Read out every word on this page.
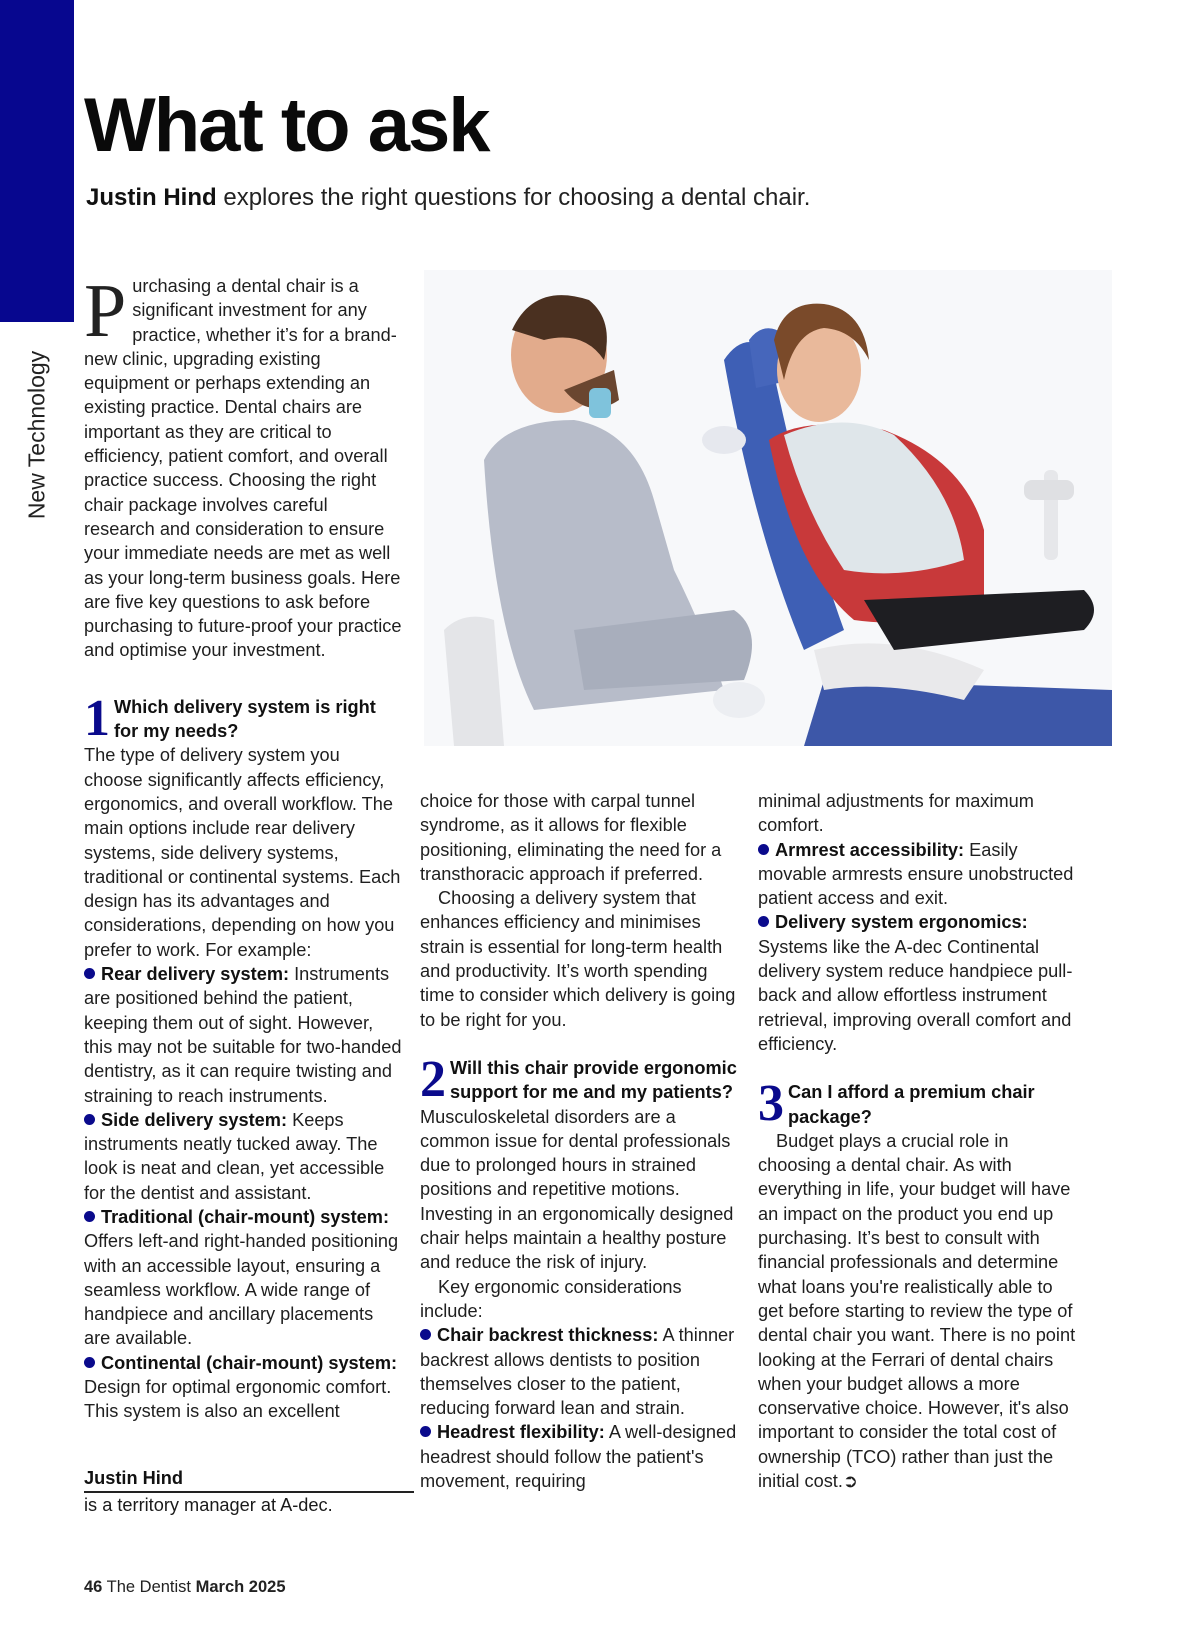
New Technology
What to ask
Justin Hind explores the right questions for choosing a dental chair.

Purchasing a dental chair is a significant investment for any practice, whether it’s for a brand-new clinic, upgrading existing equipment or perhaps extending an existing practice. Dental chairs are important as they are critical to efficiency, patient comfort, and overall practice success. Choosing the right chair package involves careful research and consideration to ensure your immediate needs are met as well as your long-term business goals. Here are five key questions to ask before purchasing to future-proof your practice and optimise your investment.

1 Which delivery system is right for my needs?

The type of delivery system you choose significantly affects efficiency, ergonomics, and overall workflow. The main options include rear delivery systems, side delivery systems, traditional or continental systems. Each design has its advantages and considerations, depending on how you prefer to work. For example:

Rear delivery system: Instruments are positioned behind the patient, keeping them out of sight. However, this may not be suitable for two-handed dentistry, as it can require twisting and straining to reach instruments.

Side delivery system: Keeps instruments neatly tucked away. The look is neat and clean, yet accessible for the dentist and assistant.

Traditional (chair-mount) system: Offers left-and right-handed positioning with an accessible layout, ensuring a seamless workflow. A wide range of handpiece and ancillary placements are available.

Continental (chair-mount) system: Design for optimal ergonomic comfort. This system is also an excellent

choice for those with carpal tunnel syndrome, as it allows for flexible positioning, eliminating the need for a transthoracic approach if preferred.

Choosing a delivery system that enhances efficiency and minimises strain is essential for long-term health and productivity. It’s worth spending time to consider which delivery is going to be right for you.

2 Will this chair provide ergonomic support for me and my patients?

Musculoskeletal disorders are a common issue for dental professionals due to prolonged hours in strained positions and repetitive motions. Investing in an ergonomically designed chair helps maintain a healthy posture and reduce the risk of injury.

Key ergonomic considerations include:

Chair backrest thickness: A thinner backrest allows dentists to position themselves closer to the patient, reducing forward lean and strain.

Headrest flexibility: A well-designed headrest should follow the patient's movement, requiring

minimal adjustments for maximum comfort.

Armrest accessibility: Easily movable armrests ensure unobstructed patient access and exit.

Delivery system ergonomics: Systems like the A-dec Continental delivery system reduce handpiece pull-back and allow effortless instrument retrieval, improving overall comfort and efficiency.

3 Can I afford a premium chair package?

Budget plays a crucial role in choosing a dental chair. As with everything in life, your budget will have an impact on the product you end up purchasing. It’s best to consult with financial professionals and determine what loans you're realistically able to get before starting to review the type of dental chair you want. There is no point looking at the Ferrari of dental chairs when your budget allows a more conservative choice. However, it's also important to consider the total cost of ownership (TCO) rather than just the initial cost.➲

Justin Hind
is a territory manager at A-dec.
46 The Dentist March 2025
